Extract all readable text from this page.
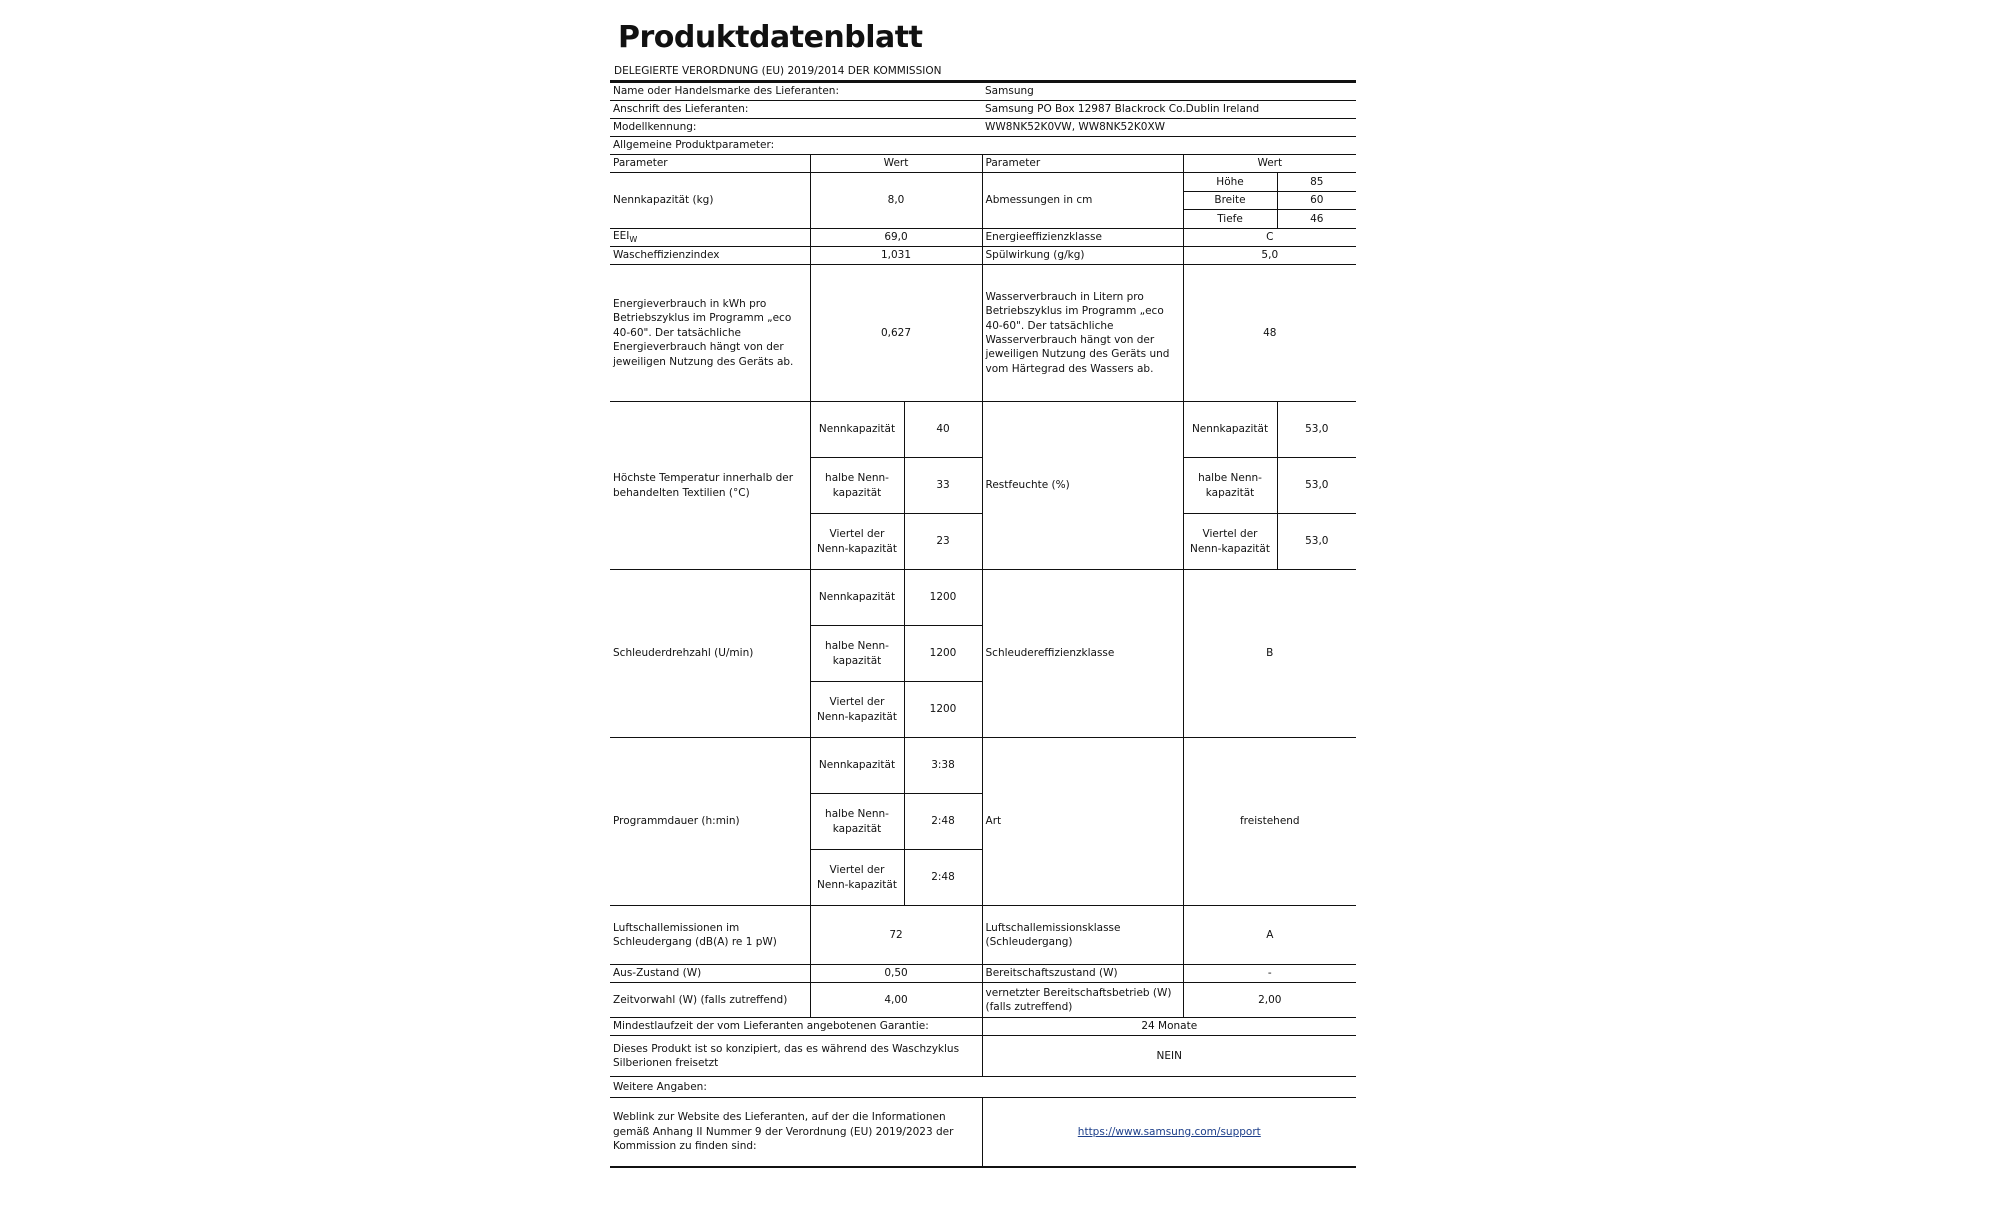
Produktdatenblatt
DELEGIERTE VERORDNUNG (EU) 2019/2014 DER KOMMISSION
Name oder Handelsmarke des Lieferanten:			Samsung		
Anschrift des Lieferanten:			Samsung PO Box 12987 Blackrock Co.Dublin Ireland		
Modellkennung:			WW8NK52K0VW, WW8NK52K0XW		
Allgemeine Produktparameter:					
Parameter	Wert		Parameter	Wert	
Nennkapazität (kg)	8,0		Abmessungen in cm	Höhe	85
				Breite	60
				Tiefe	46
$EEI_W$	69,0		Energieeffizienzklasse	C	
Wascheffizienzindex	1,031		Spülwirkung (g/kg)	5,0	
Energieverbrauch in kWh pro Betriebszyklus im Programm „eco 40-60". Der tatsächliche Energieverbrauch hängt von der jeweiligen Nutzung des Geräts ab.	0,627		Wasserverbrauch in Litern pro Betriebszyklus im Programm „eco 40-60". Der tatsächliche Wasserverbrauch hängt von der jeweiligen Nutzung des Geräts und vom Härtegrad des Wassers ab.	48	
Höchste Temperatur innerhalb der behandelten Textilien (°C)	Nennkapazität	40	Restfeuchte (%)	Nennkapazität	53,0
	halbe Nenn-kapazität	33		halbe Nenn-kapazität	53,0
	Viertel der Nenn-kapazität	23		Viertel der Nenn-kapazität	53,0
Schleuderdrehzahl (U/min)	Nennkapazität	1200	Schleudereffizienzklasse	B	
	halbe Nenn-kapazität	1200			
	Viertel der Nenn-kapazität	1200			
Programmdauer (h:min)	Nennkapazität	3:38	Art	freistehend	
	halbe Nenn-kapazität	2:48			
	Viertel der Nenn-kapazität	2:48			
Luftschallemissionen im Schleudergang (dB(A) re 1 pW)	72		Luftschallemissionsklasse (Schleudergang)	A	
Aus-Zustand (W)	0,50		Bereitschaftszustand (W)	-	
Zeitvorwahl (W) (falls zutreffend)	4,00		vernetzter Bereitschaftsbetrieb (W) (falls zutreffend)	2,00	
Mindestlaufzeit der vom Lieferanten angebotenen Garantie:			24 Monate		
Dieses Produkt ist so konzipiert, das es während des Waschzyklus Silberionen freisetzt			NEIN		
Weitere Angaben:					
Weblink zur Website des Lieferanten, auf der die Informationen gemäß Anhang II Nummer 9 der Verordnung (EU) 2019/2023 der Kommission zu finden sind:			https://www.samsung.com/support		
